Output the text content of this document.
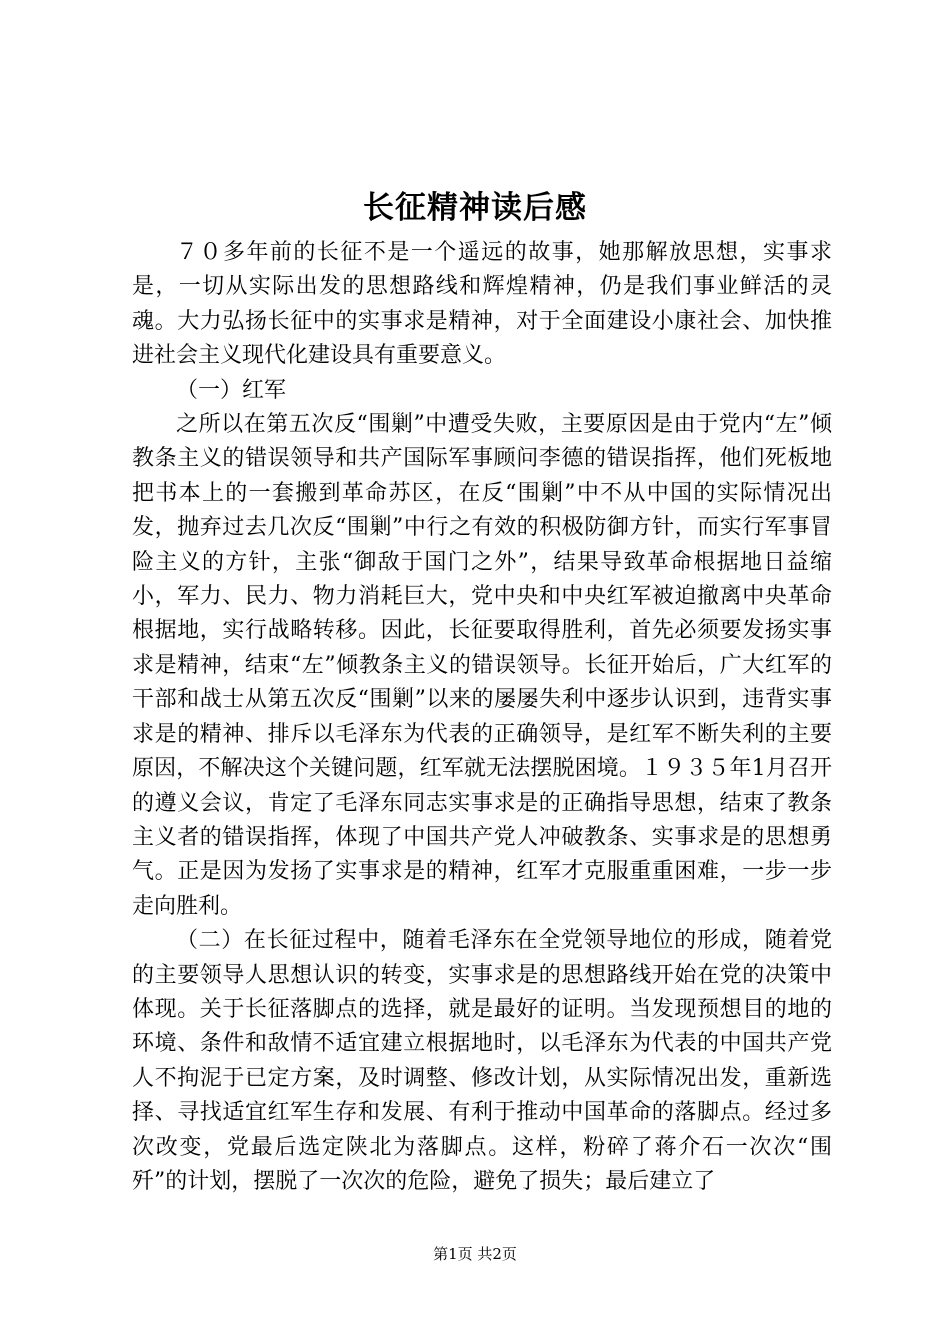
长征精神读后感

７０多年前的长征不是一个遥远的故事，她那解放思想，实事求是，一切从实际出发的思想路线和辉煌精神，仍是我们事业鲜活的灵魂。大力弘扬长征中的实事求是精神，对于全面建设小康社会、加快推进社会主义现代化建设具有重要意义。

（一）红军

之所以在第五次反“围剿”中遭受失败，主要原因是由于党内“左”倾教条主义的错误领导和共产国际军事顾问李德的错误指挥，他们死板地把书本上的一套搬到革命苏区，在反“围剿”中不从中国的实际情况出发，抛弃过去几次反“围剿”中行之有效的积极防御方针，而实行军事冒险主义的方针，主张“御敌于国门之外”，结果导致革命根据地日益缩小，军力、民力、物力消耗巨大，党中央和中央红军被迫撤离中央革命根据地，实行战略转移。因此，长征要取得胜利，首先必须要发扬实事求是精神，结束“左”倾教条主义的错误领导。长征开始后，广大红军的干部和战士从第五次反“围剿”以来的屡屡失利中逐步认识到，违背实事求是的精神、排斥以毛泽东为代表的正确领导，是红军不断失利的主要原因，不解决这个关键问题，红军就无法摆脱困境。１９３５年1月召开的遵义会议，肯定了毛泽东同志实事求是的正确指导思想，结束了教条主义者的错误指挥，体现了中国共产党人冲破教条、实事求是的思想勇气。正是因为发扬了实事求是的精神，红军才克服重重困难，一步一步走向胜利。

（二）在长征过程中，随着毛泽东在全党领导地位的形成，随着党的主要领导人思想认识的转变，实事求是的思想路线开始在党的决策中体现。关于长征落脚点的选择，就是最好的证明。当发现预想目的地的环境、条件和敌情不适宜建立根据地时，以毛泽东为代表的中国共产党人不拘泥于已定方案，及时调整、修改计划，从实际情况出发，重新选择、寻找适宜红军生存和发展、有利于推动中国革命的落脚点。经过多次改变，党最后选定陕北为落脚点。这样，粉碎了蒋介石一次次“围歼”的计划，摆脱了一次次的危险，避免了损失；最后建立了

第1页 共2页
